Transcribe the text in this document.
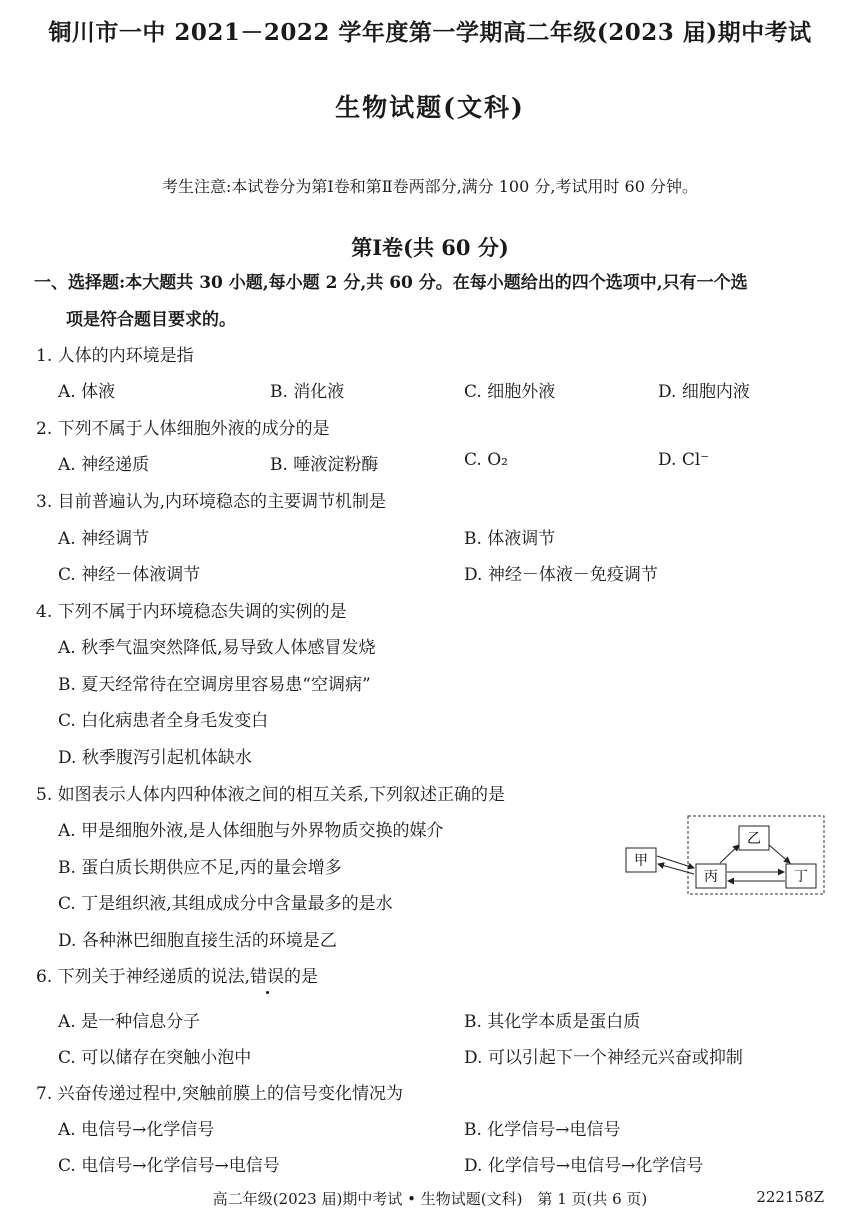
铜川市一中 2021－2022 学年度第一学期高二年级(2023 届)期中考试
生物试题(文科)
考生注意:本试卷分为第Ⅰ卷和第Ⅱ卷两部分,满分 100 分,考试用时 60 分钟。
第Ⅰ卷(共 60 分)
一、选择题:本大题共 30 小题,每小题 2 分,共 60 分。在每小题给出的四个选项中,只有一个选
项是符合题目要求的。
1. 人体的内环境是指
A. 体液	B. 消化液	C. 细胞外液	D. 细胞内液
2. 下列不属于人体细胞外液的成分的是
A. 神经递质	B. 唾液淀粉酶	C. O₂	D. Cl⁻
3. 目前普遍认为,内环境稳态的主要调节机制是
A. 神经调节	B. 体液调节
C. 神经－体液调节	D. 神经－体液－免疫调节
4. 下列不属于内环境稳态失调的实例的是
A. 秋季气温突然降低,易导致人体感冒发烧
B. 夏天经常待在空调房里容易患“空调病”
C. 白化病患者全身毛发变白
D. 秋季腹泻引起机体缺水
5. 如图表示人体内四种体液之间的相互关系,下列叙述正确的是
A. 甲是细胞外液,是人体细胞与外界物质交换的媒介
B. 蛋白质长期供应不足,丙的量会增多
C. 丁是组织液,其组成成分中含量最多的是水
D. 各种淋巴细胞直接生活的环境是乙
甲
乙
丙	丁
6. 下列关于神经递质的说法,错误的是
A. 是一种信息分子	B. 其化学本质是蛋白质
C. 可以储存在突触小泡中	D. 可以引起下一个神经元兴奋或抑制
7. 兴奋传递过程中,突触前膜上的信号变化情况为
A. 电信号→化学信号	B. 化学信号→电信号
C. 电信号→化学信号→电信号	D. 化学信号→电信号→化学信号
高二年级(2023 届)期中考试 • 生物试题(文科)　第 1 页(共 6 页)	222158Z
